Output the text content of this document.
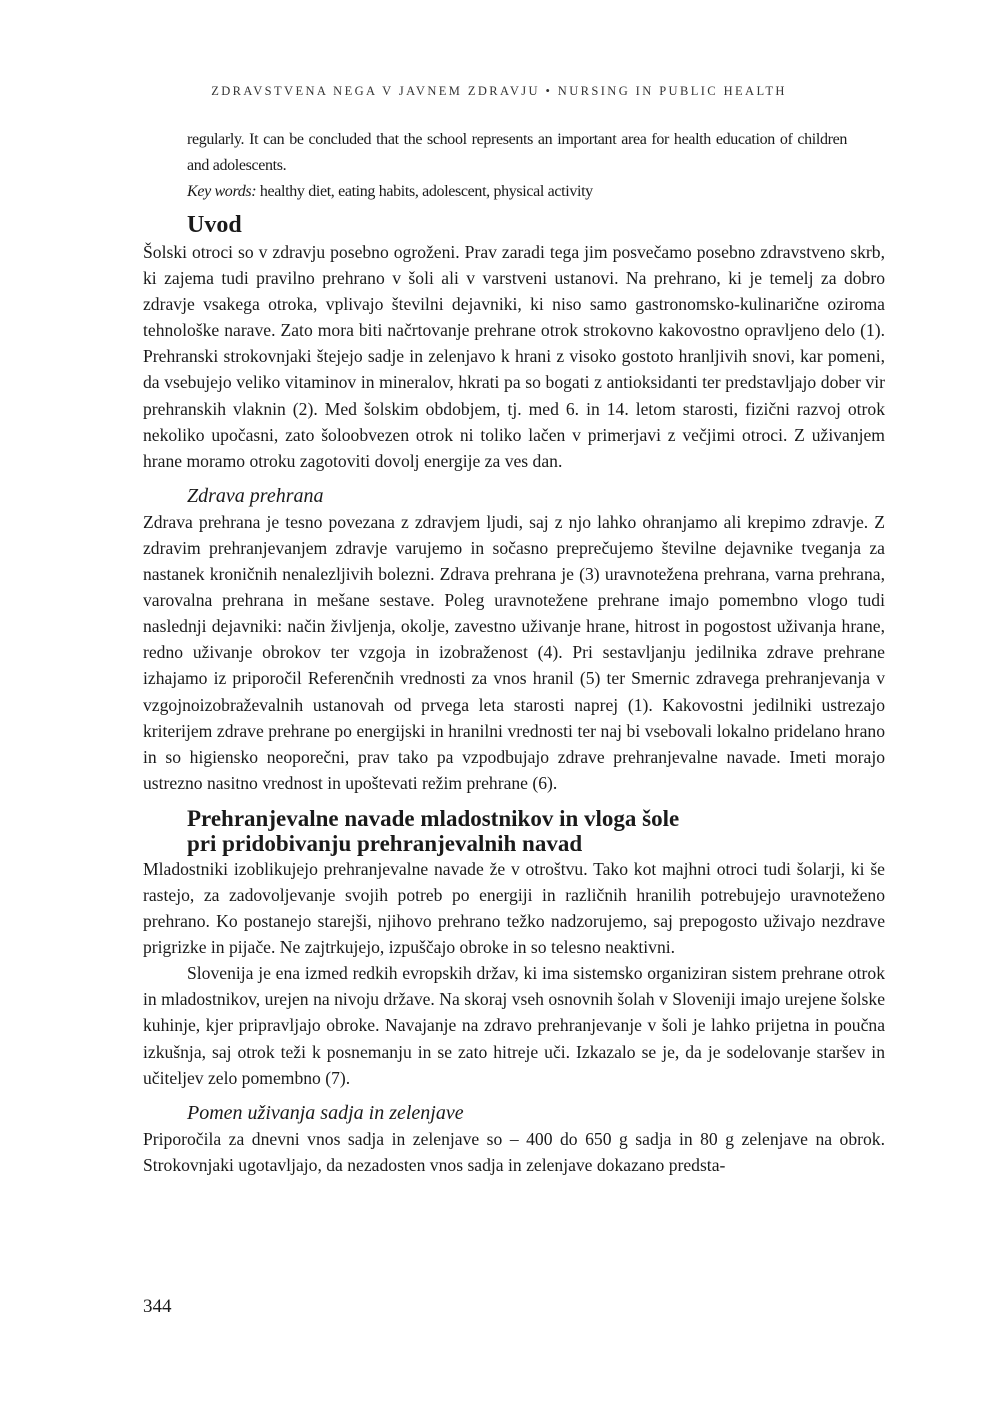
ZDRAVSTVENA NEGA V JAVNEM ZDRAVJU • NURSING IN PUBLIC HEALTH

regularly. It can be concluded that the school represents an important area for health education of children and adolescents.

Key words: healthy diet, eating habits, adolescent, physical activity

Uvod

Šolski otroci so v zdravju posebno ogroženi. Prav zaradi tega jim posvečamo posebno zdravstveno skrb, ki zajema tudi pravilno prehrano v šoli ali v varstveni ustanovi. Na prehrano, ki je temelj za dobro zdravje vsakega otroka, vplivajo številni dejavniki, ki niso samo gastronomsko-kulinarične oziroma tehnološke narave. Zato mora biti načrtovanje prehrane otrok strokovno kakovostno opravljeno delo (1). Prehranski strokovnjaki štejejo sadje in zelenjavo k hrani z visoko gostoto hranljivih snovi, kar pomeni, da vsebujejo veliko vitaminov in mineralov, hkrati pa so bogati z antioksidanti ter predstavljajo dober vir prehranskih vlaknin (2). Med šolskim obdobjem, tj. med 6. in 14. letom starosti, fizični razvoj otrok nekoliko upočasni, zato šoloobvezen otrok ni toliko lačen v primerjavi z večjimi otroci. Z uživanjem hrane moramo otroku zagotoviti dovolj energije za ves dan.

Zdrava prehrana

Zdrava prehrana je tesno povezana z zdravjem ljudi, saj z njo lahko ohranjamo ali krepimo zdravje. Z zdravim prehranjevanjem zdravje varujemo in sočasno preprečujemo številne dejavnike tveganja za nastanek kroničnih nenalezljivih bolezni. Zdrava prehrana je (3) uravnotežena prehrana, varna prehrana, varovalna prehrana in mešane sestave. Poleg uravnotežene prehrane imajo pomembno vlogo tudi naslednji dejavniki: način življenja, okolje, zavestno uživanje hrane, hitrost in pogostost uživanja hrane, redno uživanje obrokov ter vzgoja in izobraženost (4). Pri sestavljanju jedilnika zdrave prehrane izhajamo iz priporočil Referenčnih vrednosti za vnos hranil (5) ter Smernic zdravega prehranjevanja v vzgojnoizobraževalnih ustanovah od prvega leta starosti naprej (1). Kakovostni jedilniki ustrezajo kriterijem zdrave prehrane po energijski in hranilni vrednosti ter naj bi vsebovali lokalno pridelano hrano in so higiensko neoporečni, prav tako pa vzpodbujajo zdrave prehranjevalne navade. Imeti morajo ustrezno nasitno vrednost in upoštevati režim prehrane (6).

Prehranjevalne navade mladostnikov in vloga šole
pri pridobivanju prehranjevalnih navad

Mladostniki izoblikujejo prehranjevalne navade že v otroštvu. Tako kot majhni otroci tudi šolarji, ki še rastejo, za zadovoljevanje svojih potreb po energiji in različnih hranilih potrebujejo uravnoteženo prehrano. Ko postanejo starejši, njihovo prehrano težko nadzorujemo, saj prepogosto uživajo nezdrave prigrizke in pijače. Ne zajtrkujejo, izpuščajo obroke in so telesno neaktivni.

Slovenija je ena izmed redkih evropskih držav, ki ima sistemsko organiziran sistem prehrane otrok in mladostnikov, urejen na nivoju države. Na skoraj vseh osnovnih šolah v Sloveniji imajo urejene šolske kuhinje, kjer pripravljajo obroke. Navajanje na zdravo prehranjevanje v šoli je lahko prijetna in poučna izkušnja, saj otrok teži k posnemanju in se zato hitreje uči. Izkazalo se je, da je sodelovanje staršev in učiteljev zelo pomembno (7).

Pomen uživanja sadja in zelenjave

Priporočila za dnevni vnos sadja in zelenjave so – 400 do 650 g sadja in 80 g zelenjave na obrok. Strokovnjaki ugotavljajo, da nezadosten vnos sadja in zelenjave dokazano predsta-

344
